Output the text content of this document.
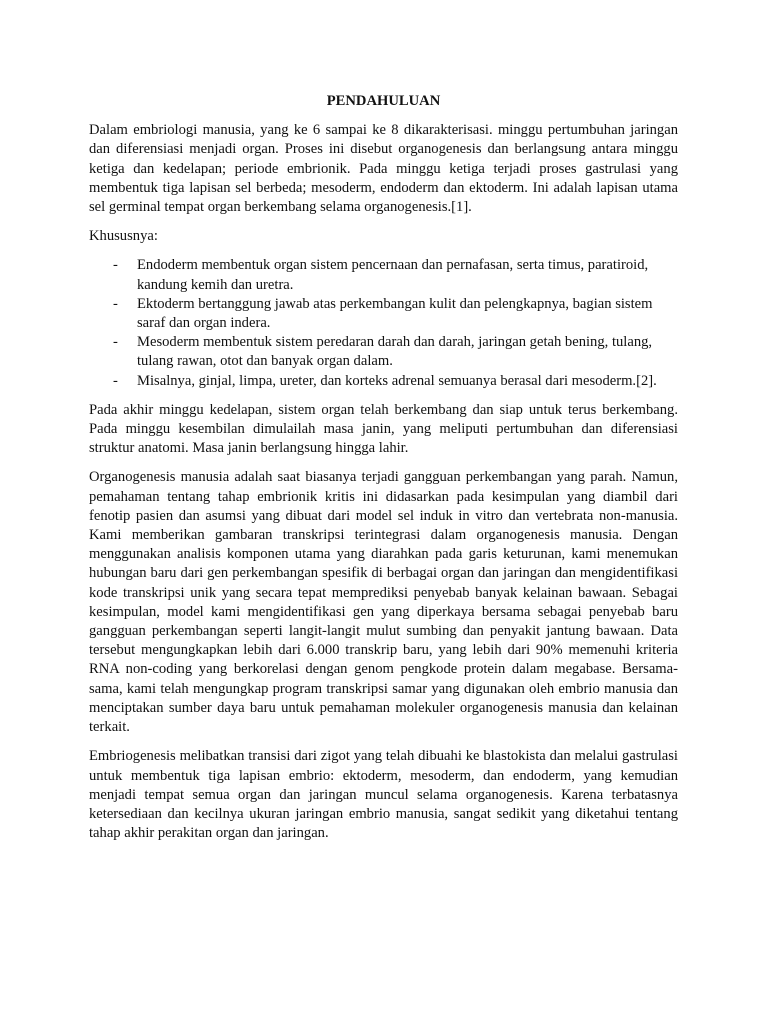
PENDAHULUAN

Dalam embriologi manusia, yang ke 6 sampai ke 8 dikarakterisasi. minggu pertumbuhan jaringan dan diferensiasi menjadi organ. Proses ini disebut organogenesis dan berlangsung antara minggu ketiga dan kedelapan; periode embrionik. Pada minggu ketiga terjadi proses gastrulasi yang membentuk tiga lapisan sel berbeda; mesoderm, endoderm dan ektoderm. Ini adalah lapisan utama sel germinal tempat organ berkembang selama organogenesis.[1].

Khususnya:

- Endoderm membentuk organ sistem pencernaan dan pernafasan, serta timus, paratiroid, kandung kemih dan uretra.
- Ektoderm bertanggung jawab atas perkembangan kulit dan pelengkapnya, bagian sistem saraf dan organ indera.
- Mesoderm membentuk sistem peredaran darah dan darah, jaringan getah bening, tulang, tulang rawan, otot dan banyak organ dalam.
- Misalnya, ginjal, limpa, ureter, dan korteks adrenal semuanya berasal dari mesoderm.[2].

Pada akhir minggu kedelapan, sistem organ telah berkembang dan siap untuk terus berkembang. Pada minggu kesembilan dimulailah masa janin, yang meliputi pertumbuhan dan diferensiasi struktur anatomi. Masa janin berlangsung hingga lahir.

Organogenesis manusia adalah saat biasanya terjadi gangguan perkembangan yang parah. Namun, pemahaman tentang tahap embrionik kritis ini didasarkan pada kesimpulan yang diambil dari fenotip pasien dan asumsi yang dibuat dari model sel induk in vitro dan vertebrata non-manusia. Kami memberikan gambaran transkripsi terintegrasi dalam organogenesis manusia. Dengan menggunakan analisis komponen utama yang diarahkan pada garis keturunan, kami menemukan hubungan baru dari gen perkembangan spesifik di berbagai organ dan jaringan dan mengidentifikasi kode transkripsi unik yang secara tepat memprediksi penyebab banyak kelainan bawaan. Sebagai kesimpulan, model kami mengidentifikasi gen yang diperkaya bersama sebagai penyebab baru gangguan perkembangan seperti langit-langit mulut sumbing dan penyakit jantung bawaan. Data tersebut mengungkapkan lebih dari 6.000 transkrip baru, yang lebih dari 90% memenuhi kriteria RNA non-coding yang berkorelasi dengan genom pengkode protein dalam megabase. Bersama-sama, kami telah mengungkap program transkripsi samar yang digunakan oleh embrio manusia dan menciptakan sumber daya baru untuk pemahaman molekuler organogenesis manusia dan kelainan terkait.

Embriogenesis melibatkan transisi dari zigot yang telah dibuahi ke blastokista dan melalui gastrulasi untuk membentuk tiga lapisan embrio: ektoderm, mesoderm, dan endoderm, yang kemudian menjadi tempat semua organ dan jaringan muncul selama organogenesis. Karena terbatasnya ketersediaan dan kecilnya ukuran jaringan embrio manusia, sangat sedikit yang diketahui tentang tahap akhir perakitan organ dan jaringan.
